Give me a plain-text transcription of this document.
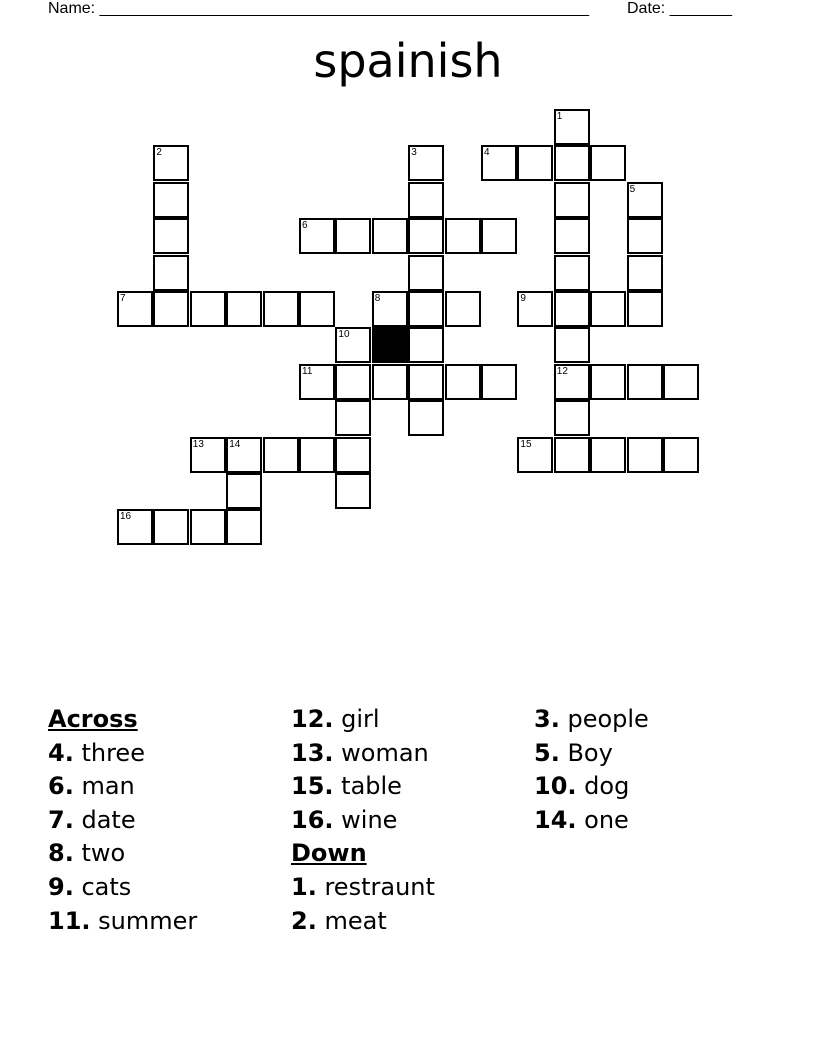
Name: _______________________________________________________ Date: _______
spainish
1
2	3	4
5
6
7	8	9
10
11	12
13	14	15
16
Across
4. three
6. man
7. date
8. two
9. cats
11. summer
12. girl
13. woman
15. table
16. wine
Down
1. restraunt
2. meat
3. people
5. Boy
10. dog
14. one
